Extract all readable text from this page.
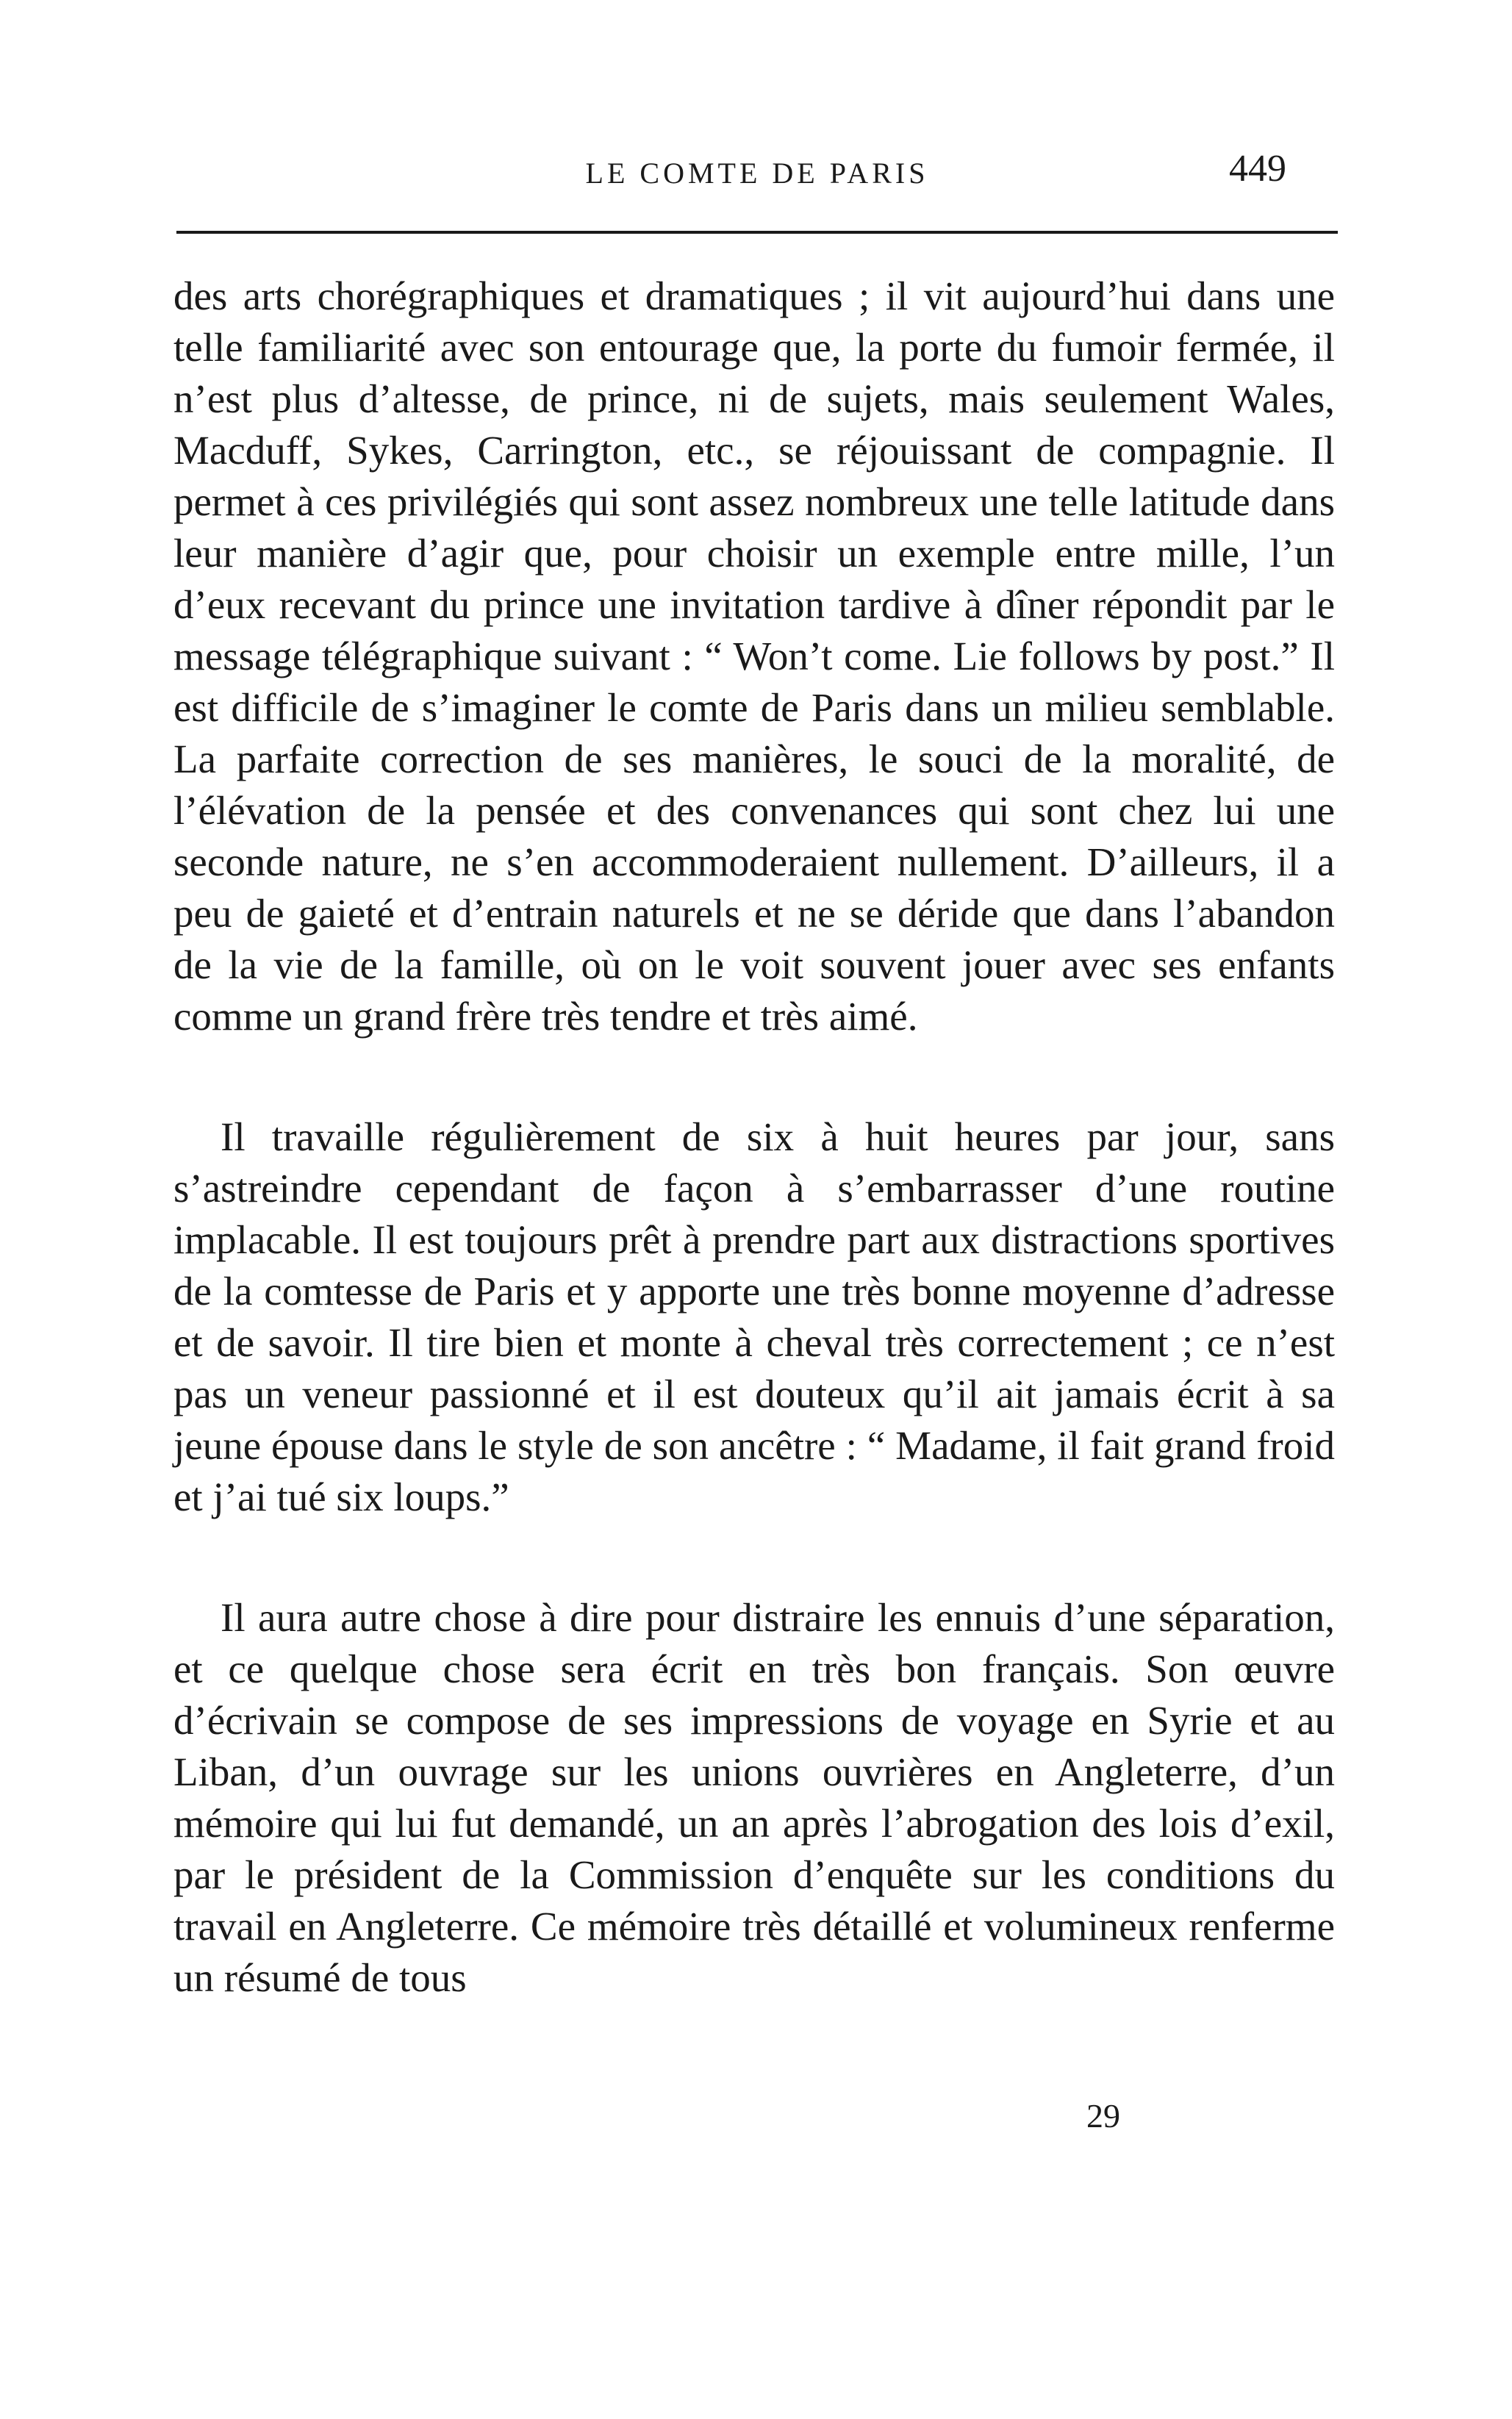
LE COMTE DE PARIS	449

des arts chorégraphiques et dramatiques ; il vit aujourd’hui dans une telle familiarité avec son entourage que, la porte du fumoir fermée, il n’est plus d’altesse, de prince, ni de sujets, mais seulement Wales, Macduff, Sykes, Carrington, etc., se réjouissant de compagnie. Il permet à ces privilégiés qui sont assez nombreux une telle latitude dans leur manière d’agir que, pour choisir un exemple entre mille, l’un d’eux recevant du prince une invitation tardive à dîner répondit par le message télégraphique suivant : “ Won’t come. Lie follows by post.” Il est difficile de s’imaginer le comte de Paris dans un milieu semblable. La parfaite correction de ses manières, le souci de la moralité, de l’élévation de la pensée et des convenances qui sont chez lui une seconde nature, ne s’en accommoderaient nullement. D’ailleurs, il a peu de gaieté et d’entrain naturels et ne se déride que dans l’abandon de la vie de la famille, où on le voit souvent jouer avec ses enfants comme un grand frère très tendre et très aimé.

Il travaille régulièrement de six à huit heures par jour, sans s’astreindre cependant de façon à s’embarrasser d’une routine implacable. Il est toujours prêt à prendre part aux distractions sportives de la comtesse de Paris et y apporte une très bonne moyenne d’adresse et de savoir. Il tire bien et monte à cheval très correctement ; ce n’est pas un veneur passionné et il est douteux qu’il ait jamais écrit à sa jeune épouse dans le style de son ancêtre : “ Madame, il fait grand froid et j’ai tué six loups.”

Il aura autre chose à dire pour distraire les ennuis d’une séparation, et ce quelque chose sera écrit en très bon français. Son œuvre d’écrivain se compose de ses impressions de voyage en Syrie et au Liban, d’un ouvrage sur les unions ouvrières en Angleterre, d’un mémoire qui lui fut demandé, un an après l’abrogation des lois d’exil, par le président de la Commission d’enquête sur les conditions du travail en Angleterre. Ce mémoire très détaillé et volumineux renferme un résumé de tous

29
